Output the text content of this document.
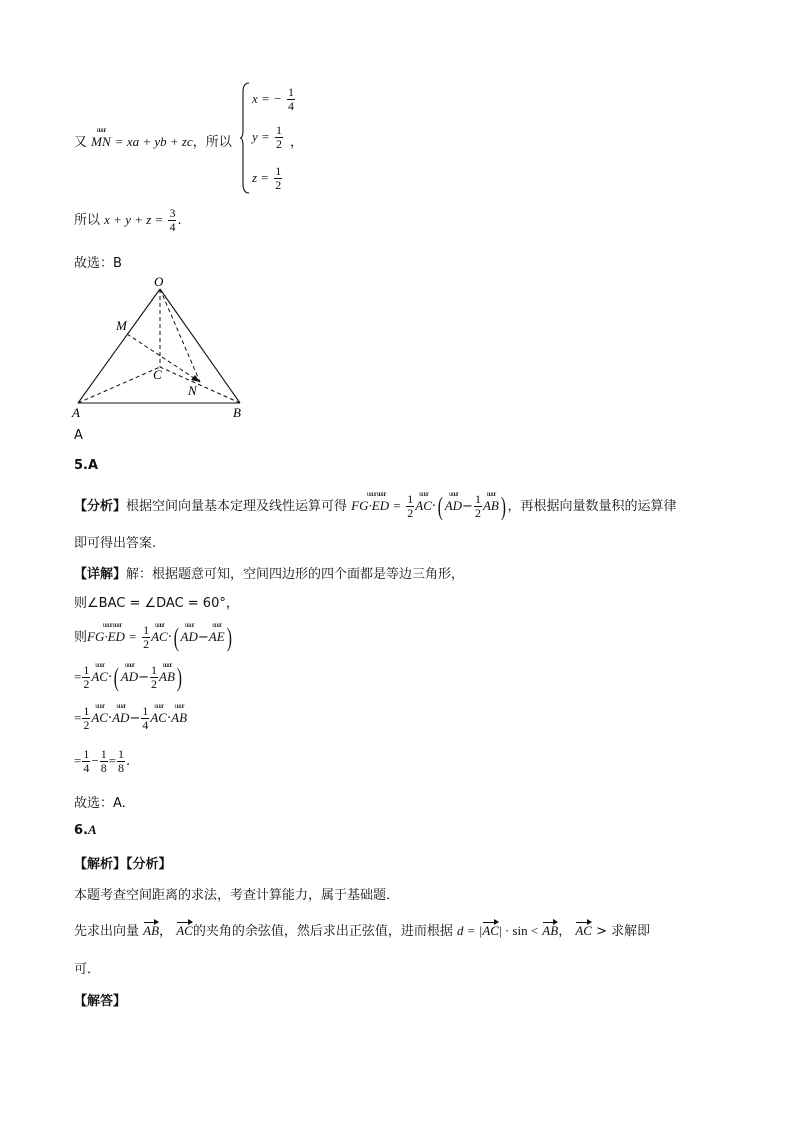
又
uuur
MN = xa + yb + zc，所以
x = − $\frac{1}{4}$
$y = \frac{1}{2}$
$z = \frac{1}{2}$
，
所以 $x + y + z = \frac{3}{4}$ .
故选：B
O
M
C
N
A	B
A
5.A
【分析】根据空间向量基本定理及线性运算可得
uuur uuur
$FG\cdot ED = \frac{1}{2}$ uuur
AC·( uuur
$AD- \frac{1}{2}$ uuur
AB) ，再根据向量数量积的运算律
即可得出答案.
【详解】解：根据题意可知，空间四边形的四个面都是等边三角形，
则∠BAC = ∠DAC = 60°，
则
uuur uuur
$FG\cdot ED = \frac{1}{2}$ uuur
AC·( uuur
AD−
uuur
AE)
= $\frac{1}{2}$ uuur
AC·( uuur
$AD- \frac{1}{2}$ uuur
AB)
= $\frac{1}{2}$ uuur
AC·
uuur
$AD- \frac{1}{4}$ uuur
AC·
uuur
AB
= $\frac{1}{4} - \frac{1}{8} = \frac{1}{8}$ .
故选：A.
6.A
【解析】【分析】
本题考查空间距离的求法，考查计算能力，属于基础题．
先求出向量 AB， AC的夹角的余弦值，然后求出正弦值，进而根据 d = |AC| · sin < AB， AC > 求解即
可．
【解答】
